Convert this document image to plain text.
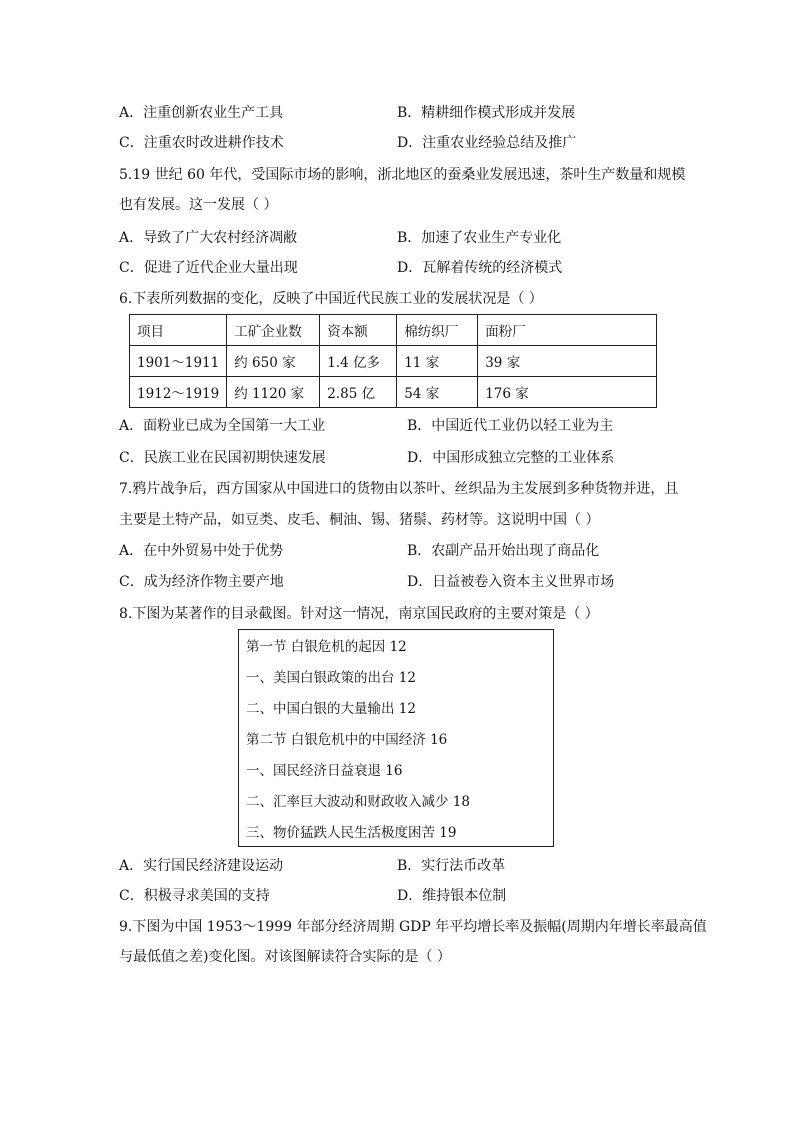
A．注重创新农业生产工具	B．精耕细作模式形成并发展
C．注重农时改进耕作技术	D．注重农业经验总结及推广
5.19 世纪 60 年代，受国际市场的影响，浙北地区的蚕桑业发展迅速，茶叶生产数量和规模
也有发展。这一发展（ ）
A．导致了广大农村经济凋敝	B．加速了农业生产专业化
C．促进了近代企业大量出现	D．瓦解着传统的经济模式
6.下表所列数据的变化，反映了中国近代民族工业的发展状况是（ ）
项目	工矿企业数	资本额	棉纺织厂	面粉厂
1901～1911	约 650 家	1.4 亿多	11 家	39 家
1912～1919	约 1120 家	2.85 亿	54 家	176 家
A．面粉业已成为全国第一大工业	B．中国近代工业仍以轻工业为主
C．民族工业在民国初期快速发展	D．中国形成独立完整的工业体系
7.鸦片战争后，西方国家从中国进口的货物由以茶叶、丝织品为主发展到多种货物并进，且
主要是土特产品，如豆类、皮毛、桐油、锡、猪鬃、药材等。这说明中国（ ）
A．在中外贸易中处于优势	B．农副产品开始出现了商品化
C．成为经济作物主要产地	D．日益被卷入资本主义世界市场
8.下图为某著作的目录截图。针对这一情况，南京国民政府的主要对策是（ ）
第一节 白银危机的起因 12
一、美国白银政策的出台 12
二、中国白银的大量输出 12
第二节 白银危机中的中国经济 16
一、国民经济日益衰退 16
二、汇率巨大波动和财政收入减少 18
三、物价猛跌人民生活极度困苦 19
A．实行国民经济建设运动	B．实行法币改革
C．积极寻求美国的支持	D．维持银本位制
9.下图为中国 1953～1999 年部分经济周期 GDP 年平均增长率及振幅(周期内年增长率最高值
与最低值之差)变化图。对该图解读符合实际的是（ ）
